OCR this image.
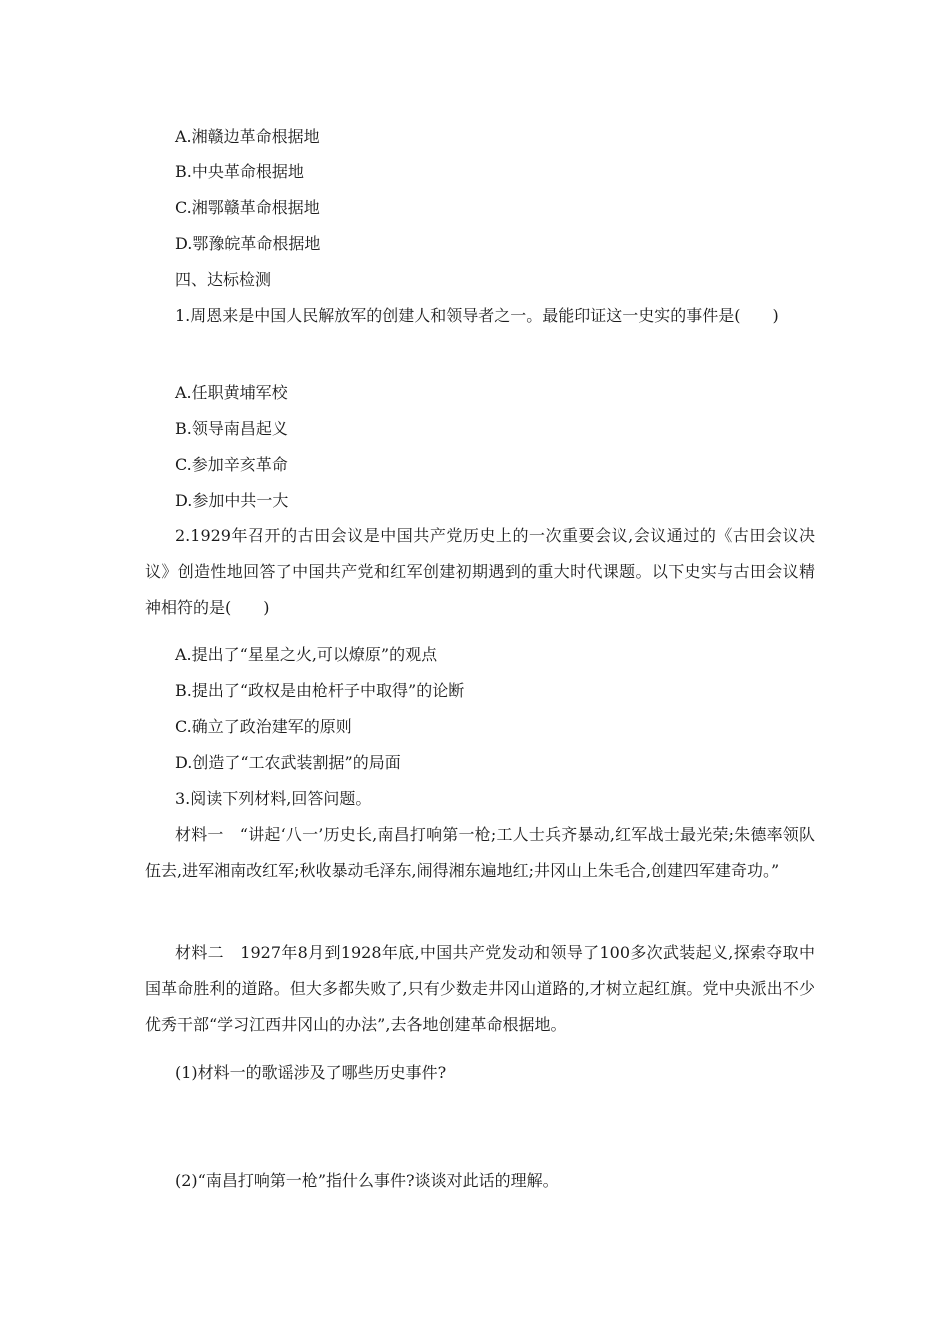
A.湘赣边革命根据地
B.中央革命根据地
C.湘鄂赣革命根据地
D.鄂豫皖革命根据地
四、达标检测
1.周恩来是中国人民解放军的创建人和领导者之一。最能印证这一史实的事件是(　　)
A.任职黄埔军校
B.领导南昌起义
C.参加辛亥革命
D.参加中共一大
2.1929年召开的古田会议是中国共产党历史上的一次重要会议,会议通过的《古田会议决议》创造性地回答了中国共产党和红军创建初期遇到的重大时代课题。以下史实与古田会议精神相符的是(　　)
A.提出了“星星之火,可以燎原”的观点
B.提出了“政权是由枪杆子中取得”的论断
C.确立了政治建军的原则
D.创造了“工农武装割据”的局面
3.阅读下列材料,回答问题。
材料一　“讲起‘八一’历史长,南昌打响第一枪;工人士兵齐暴动,红军战士最光荣;朱德率领队伍去,进军湘南改红军;秋收暴动毛泽东,闹得湘东遍地红;井冈山上朱毛合,创建四军建奇功。”
材料二　1927年8月到1928年底,中国共产党发动和领导了100多次武装起义,探索夺取中国革命胜利的道路。但大多都失败了,只有少数走井冈山道路的,才树立起红旗。党中央派出不少优秀干部“学习江西井冈山的办法”,去各地创建革命根据地。
(1)材料一的歌谣涉及了哪些历史事件?
(2)“南昌打响第一枪”指什么事件?谈谈对此话的理解。
